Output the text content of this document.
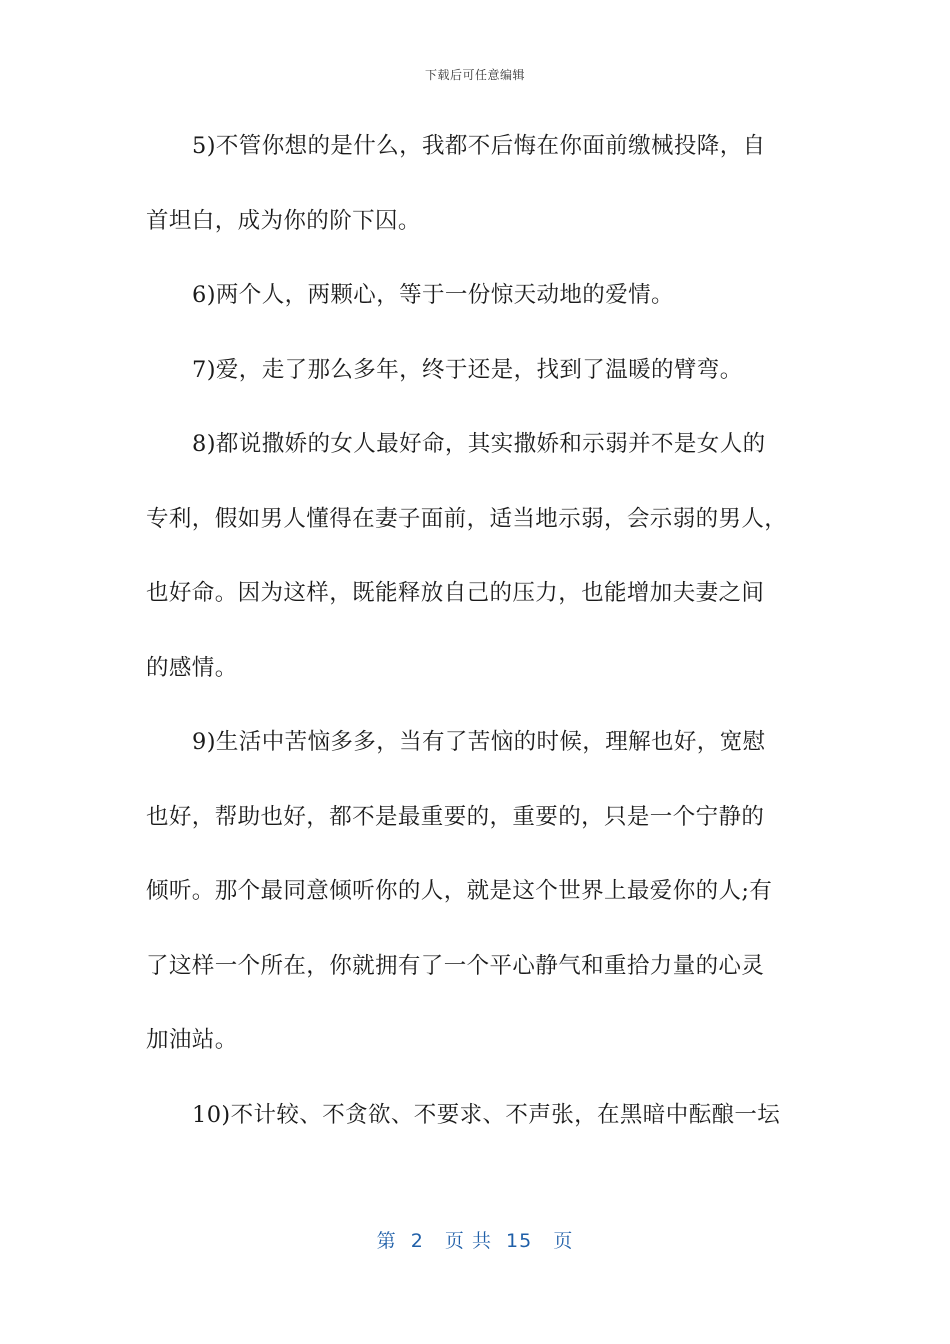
下载后可任意编辑
5)不管你想的是什么，我都不后悔在你面前缴械投降，自
首坦白，成为你的阶下囚。
6)两个人，两颗心，等于一份惊天动地的爱情。
7)爱，走了那么多年，终于还是，找到了温暖的臂弯。
8)都说撒娇的女人最好命，其实撒娇和示弱并不是女人的
专利，假如男人懂得在妻子面前，适当地示弱，会示弱的男人，
也好命。因为这样，既能释放自己的压力，也能增加夫妻之间
的感情。
9)生活中苦恼多多，当有了苦恼的时候，理解也好，宽慰
也好，帮助也好，都不是最重要的，重要的，只是一个宁静的
倾听。那个最同意倾听你的人，就是这个世界上最爱你的人;有
了这样一个所在，你就拥有了一个平心静气和重拾力量的心灵
加油站。
10)不计较、不贪欲、不要求、不声张，在黑暗中酝酿一坛
第  2   页 共  15   页
